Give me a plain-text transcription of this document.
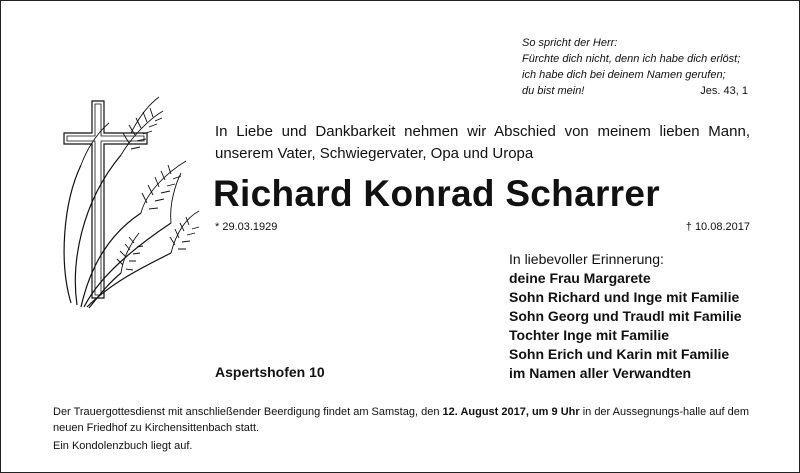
So spricht der Herr:
Fürchte dich nicht, denn ich habe dich erlöst;
ich habe dich bei deinem Namen gerufen;
du bist mein!	Jes. 43, 1
In Liebe und Dankbarkeit nehmen wir Abschied von meinem lieben Mann,
unserem Vater, Schwiegervater, Opa und Uropa
Richard Konrad Scharrer
* 29.03.1929	† 10.08.2017
In liebevoller Erinnerung:
deine Frau Margarete
Sohn Richard und Inge mit Familie
Sohn Georg und Traudl mit Familie
Tochter Inge mit Familie
Sohn Erich und Karin mit Familie
im Namen aller Verwandten
Aspertshofen 10
Der Trauergottesdienst mit anschließender Beerdigung findet am Samstag, den 12. August 2017, um 9 Uhr in der Aussegnungs-halle auf dem neuen Friedhof zu Kirchensittenbach statt.
Ein Kondolenzbuch liegt auf.
